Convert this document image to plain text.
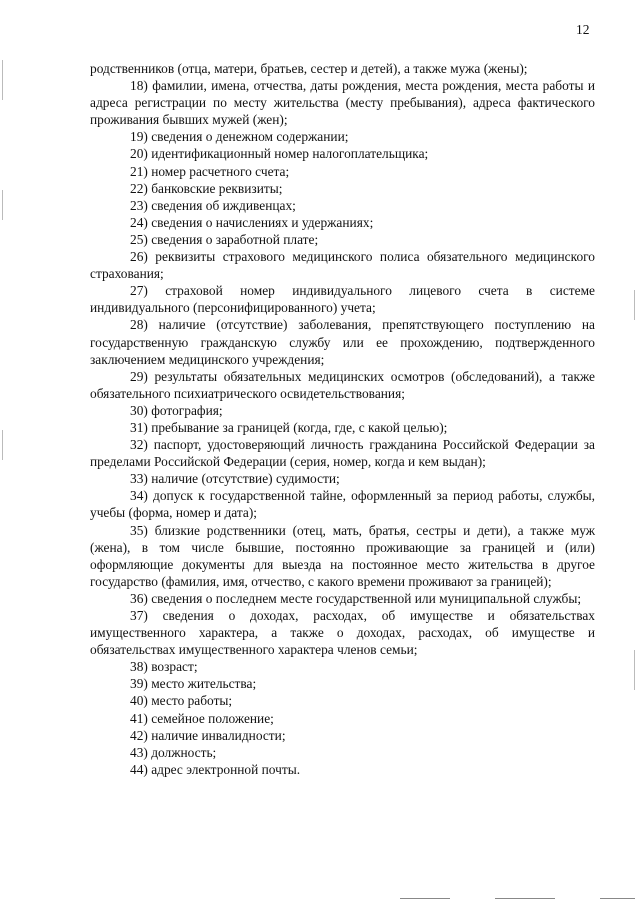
12

родственников (отца, матери, братьев, сестер и детей), а также мужа (жены);

18) фамилии, имена, отчества, даты рождения, места рождения, места работы и адреса регистрации по месту жительства (месту пребывания), адреса фактического проживания бывших мужей (жен);

19) сведения о денежном содержании;

20) идентификационный номер налогоплательщика;

21) номер расчетного счета;

22) банковские реквизиты;

23) сведения об иждивенцах;

24) сведения о начислениях и удержаниях;

25) сведения о заработной плате;

26) реквизиты страхового медицинского полиса обязательного медицинского страхования;

27) страховой номер индивидуального лицевого счета в системе индивидуального (персонифицированного) учета;

28) наличие (отсутствие) заболевания, препятствующего поступлению на государственную гражданскую службу или ее прохождению, подтвержденного заключением медицинского учреждения;

29) результаты обязательных медицинских осмотров (обследований), а также обязательного психиатрического освидетельствования;

30) фотография;

31) пребывание за границей (когда, где, с какой целью);

32) паспорт, удостоверяющий личность гражданина Российской Федерации за пределами Российской Федерации (серия, номер, когда и кем выдан);

33) наличие (отсутствие) судимости;

34) допуск к государственной тайне, оформленный за период работы, службы, учебы (форма, номер и дата);

35) близкие родственники (отец, мать, братья, сестры и дети), а также муж (жена), в том числе бывшие, постоянно проживающие за границей и (или) оформляющие документы для выезда на постоянное место жительства в другое государство (фамилия, имя, отчество, с какого времени проживают за границей);

36) сведения о последнем месте государственной или муниципальной службы;

37) сведения о доходах, расходах, об имуществе и обязательствах имущественного характера, а также о доходах, расходах, об имуществе и обязательствах имущественного характера членов семьи;

38) возраст;

39) место жительства;

40) место работы;

41) семейное положение;

42) наличие инвалидности;

43) должность;

44) адрес электронной почты.
